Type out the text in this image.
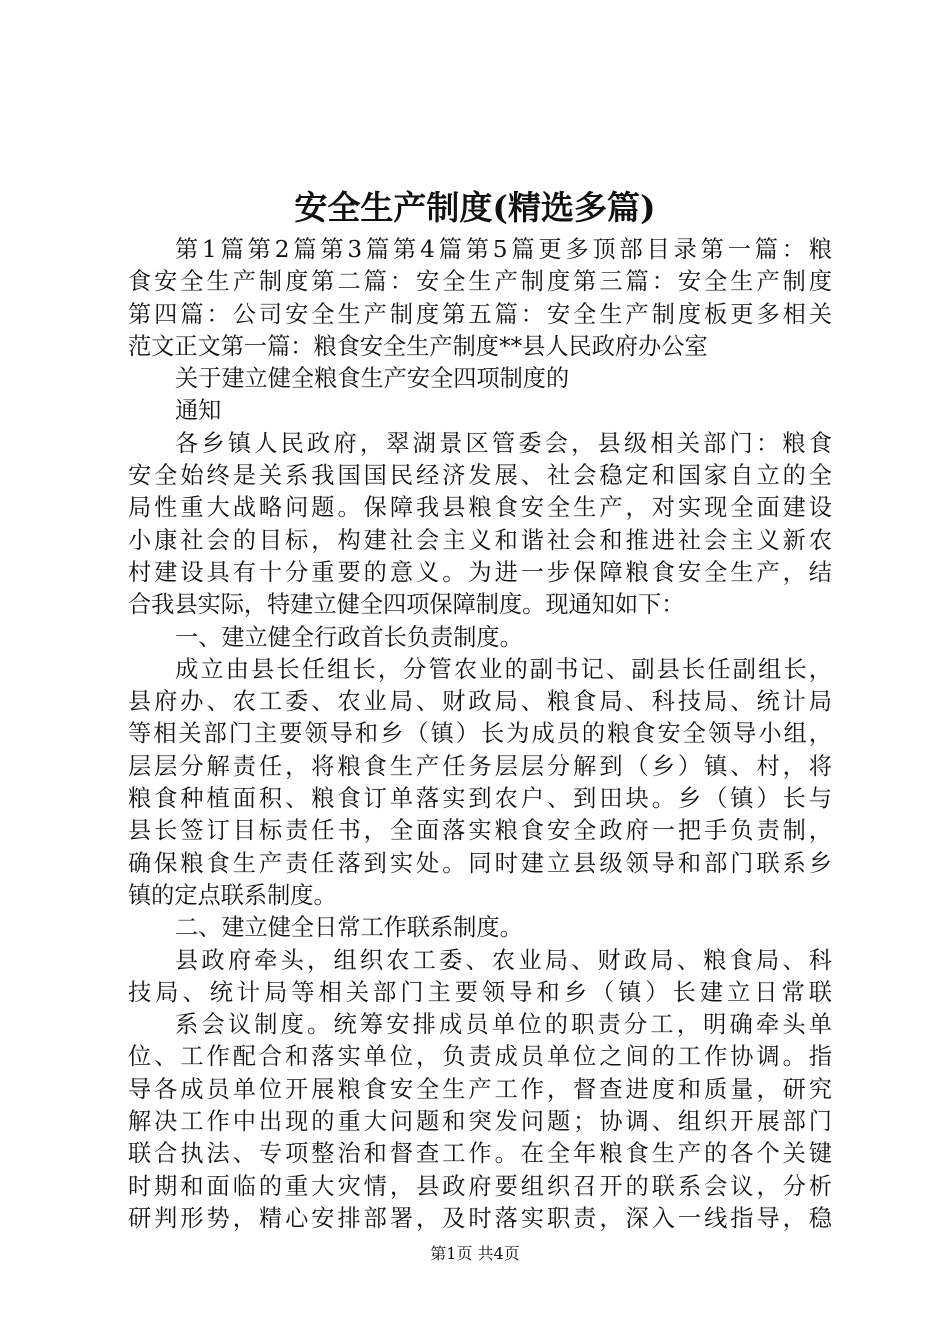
安全生产制度(精选多篇)
第1篇第2篇第3篇第4篇第5篇更多顶部目录第一篇：粮
食安全生产制度第二篇：安全生产制度第三篇：安全生产制度
第四篇：公司安全生产制度第五篇：安全生产制度板更多相关
范文正文第一篇：粮食安全生产制度**县人民政府办公室
关于建立健全粮食生产安全四项制度的
通知
各乡镇人民政府，翠湖景区管委会，县级相关部门：粮食
安全始终是关系我国国民经济发展、社会稳定和国家自立的全
局性重大战略问题。保障我县粮食安全生产，对实现全面建设
小康社会的目标，构建社会主义和谐社会和推进社会主义新农
村建设具有十分重要的意义。为进一步保障粮食安全生产，结
合我县实际，特建立健全四项保障制度。现通知如下：
一、建立健全行政首长负责制度。
成立由县长任组长，分管农业的副书记、副县长任副组长，
县府办、农工委、农业局、财政局、粮食局、科技局、统计局
等相关部门主要领导和乡（镇）长为成员的粮食安全领导小组，
层层分解责任，将粮食生产任务层层分解到（乡）镇、村，将
粮食种植面积、粮食订单落实到农户、到田块。乡（镇）长与
县长签订目标责任书，全面落实粮食安全政府一把手负责制，
确保粮食生产责任落到实处。同时建立县级领导和部门联系乡
镇的定点联系制度。
二、建立健全日常工作联系制度。
县政府牵头，组织农工委、农业局、财政局、粮食局、科
技局、统计局等相关部门主要领导和乡（镇）长建立日常联
系会议制度。统筹安排成员单位的职责分工，明确牵头单
位、工作配合和落实单位，负责成员单位之间的工作协调。指
导各成员单位开展粮食安全生产工作，督查进度和质量，研究
解决工作中出现的重大问题和突发问题；协调、组织开展部门
联合执法、专项整治和督查工作。在全年粮食生产的各个关键
时期和面临的重大灾情，县政府要组织召开的联系会议，分析
研判形势，精心安排部署，及时落实职责，深入一线指导，稳
第1页 共4页
